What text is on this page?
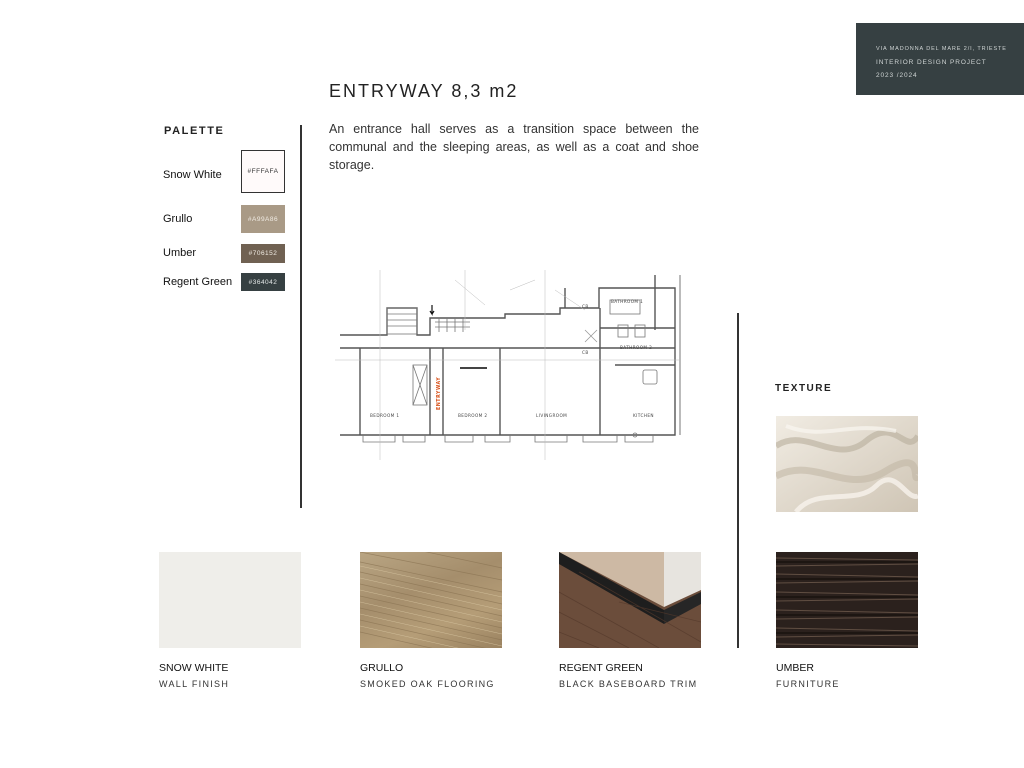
VIA MADONNA DEL MARE 2/I, TRIESTE
INTERIOR DESIGN PROJECT
2023 /2024
ENTRYWAY 8,3 m2
An entrance hall serves as a transition space between the communal and the sleeping areas, as well as a coat and shoe storage.
PALETTE
Snow White	#FFFAFA
Grullo	#A99A86
Umber	#706152
Regent Green	#364042
BATHROOM 1
BATHROOM 2
CB
CB
BEDROOM 1	BEDROOM 2	LIVINGROOM	KITCHEN
ENTRYWAY	TEXTURE
SNOW WHITE
WALL FINISH
GRULLO
SMOKED OAK FLOORING
REGENT GREEN
BLACK BASEBOARD TRIM
UMBER
FURNITURE
